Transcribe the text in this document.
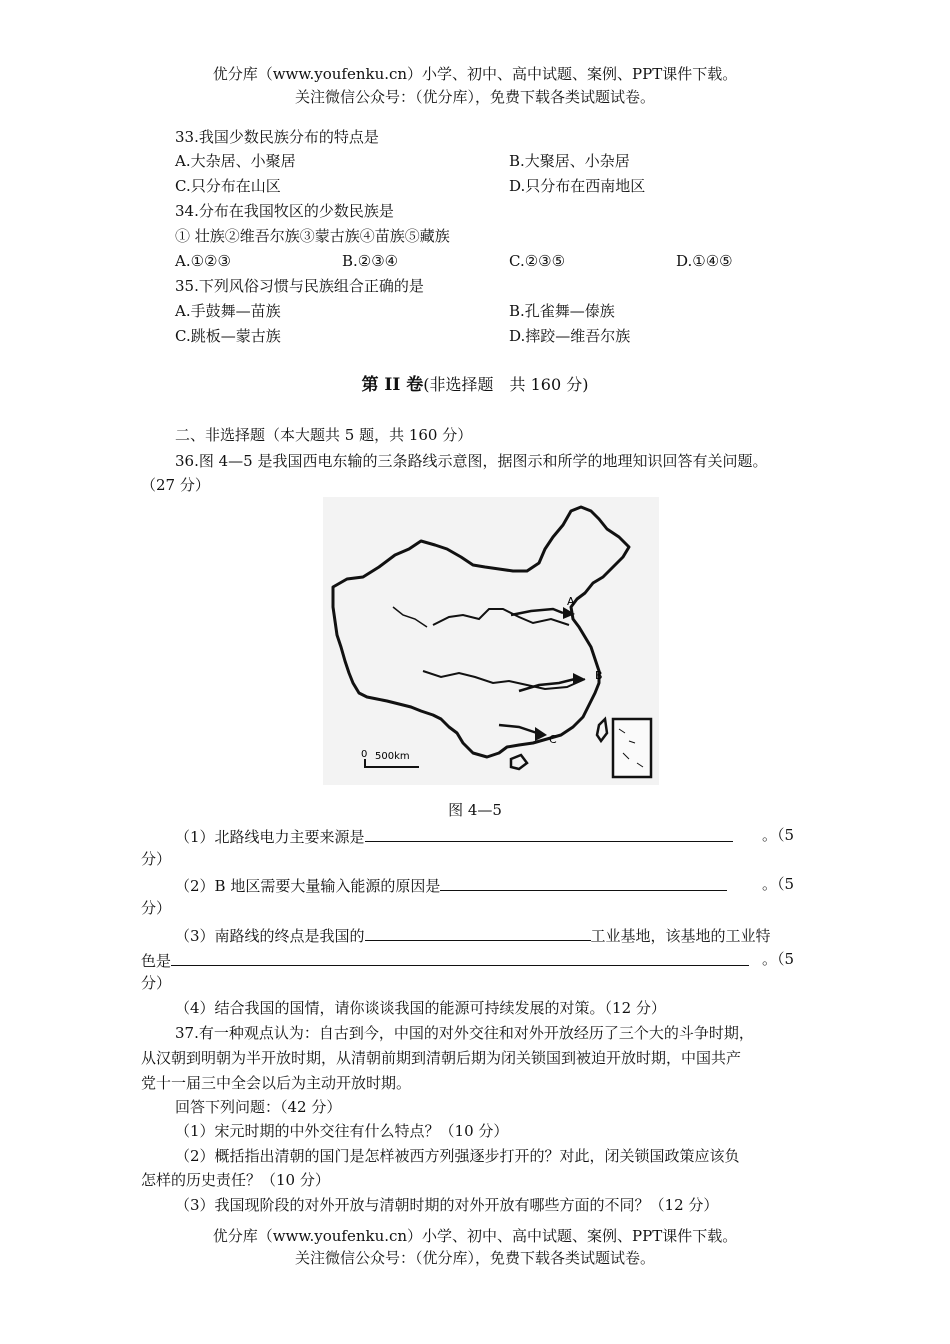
优分库（www.youfenku.cn）小学、初中、高中试题、案例、PPT课件下载。
关注微信公众号：（优分库），免费下载各类试题试卷。
33.我国少数民族分布的特点是
A.大杂居、小聚居	B.大聚居、小杂居
C.只分布在山区	D.只分布在西南地区
34.分布在我国牧区的少数民族是
① 壮族②维吾尔族③蒙古族④苗族⑤藏族
A.①②③	B.②③④	C.②③⑤	D.①④⑤
35.下列风俗习惯与民族组合正确的是
A.手鼓舞—苗族	B.孔雀舞—傣族
C.跳板—蒙古族	D.摔跤—维吾尔族
第 II 卷(非选择题　共 160 分)
二、非选择题（本大题共 5 题，共 160 分）
36.图 4—5 是我国西电东输的三条路线示意图，据图示和所学的地理知识回答有关问题。
（27 分）
A
B
C
0 500km
图 4—5
（1）北路线电力主要来源是	。（5
分）
（2）B 地区需要大量输入能源的原因是	。（5
分）
（3）南路线的终点是我国的	工业基地，该基地的工业特
色是	。（5
分）
（4）结合我国的国情，请你谈谈我国的能源可持续发展的对策。（12 分）
37.有一种观点认为：自古到今，中国的对外交往和对外开放经历了三个大的斗争时期，
从汉朝到明朝为半开放时期，从清朝前期到清朝后期为闭关锁国到被迫开放时期，中国共产
党十一届三中全会以后为主动开放时期。
回答下列问题：（42 分）
（1）宋元时期的中外交往有什么特点？（10 分）
（2）概括指出清朝的国门是怎样被西方列强逐步打开的？对此，闭关锁国政策应该负
怎样的历史责任？（10 分）
（3）我国现阶段的对外开放与清朝时期的对外开放有哪些方面的不同？（12 分）
优分库（www.youfenku.cn）小学、初中、高中试题、案例、PPT课件下载。
关注微信公众号：（优分库），免费下载各类试题试卷。
